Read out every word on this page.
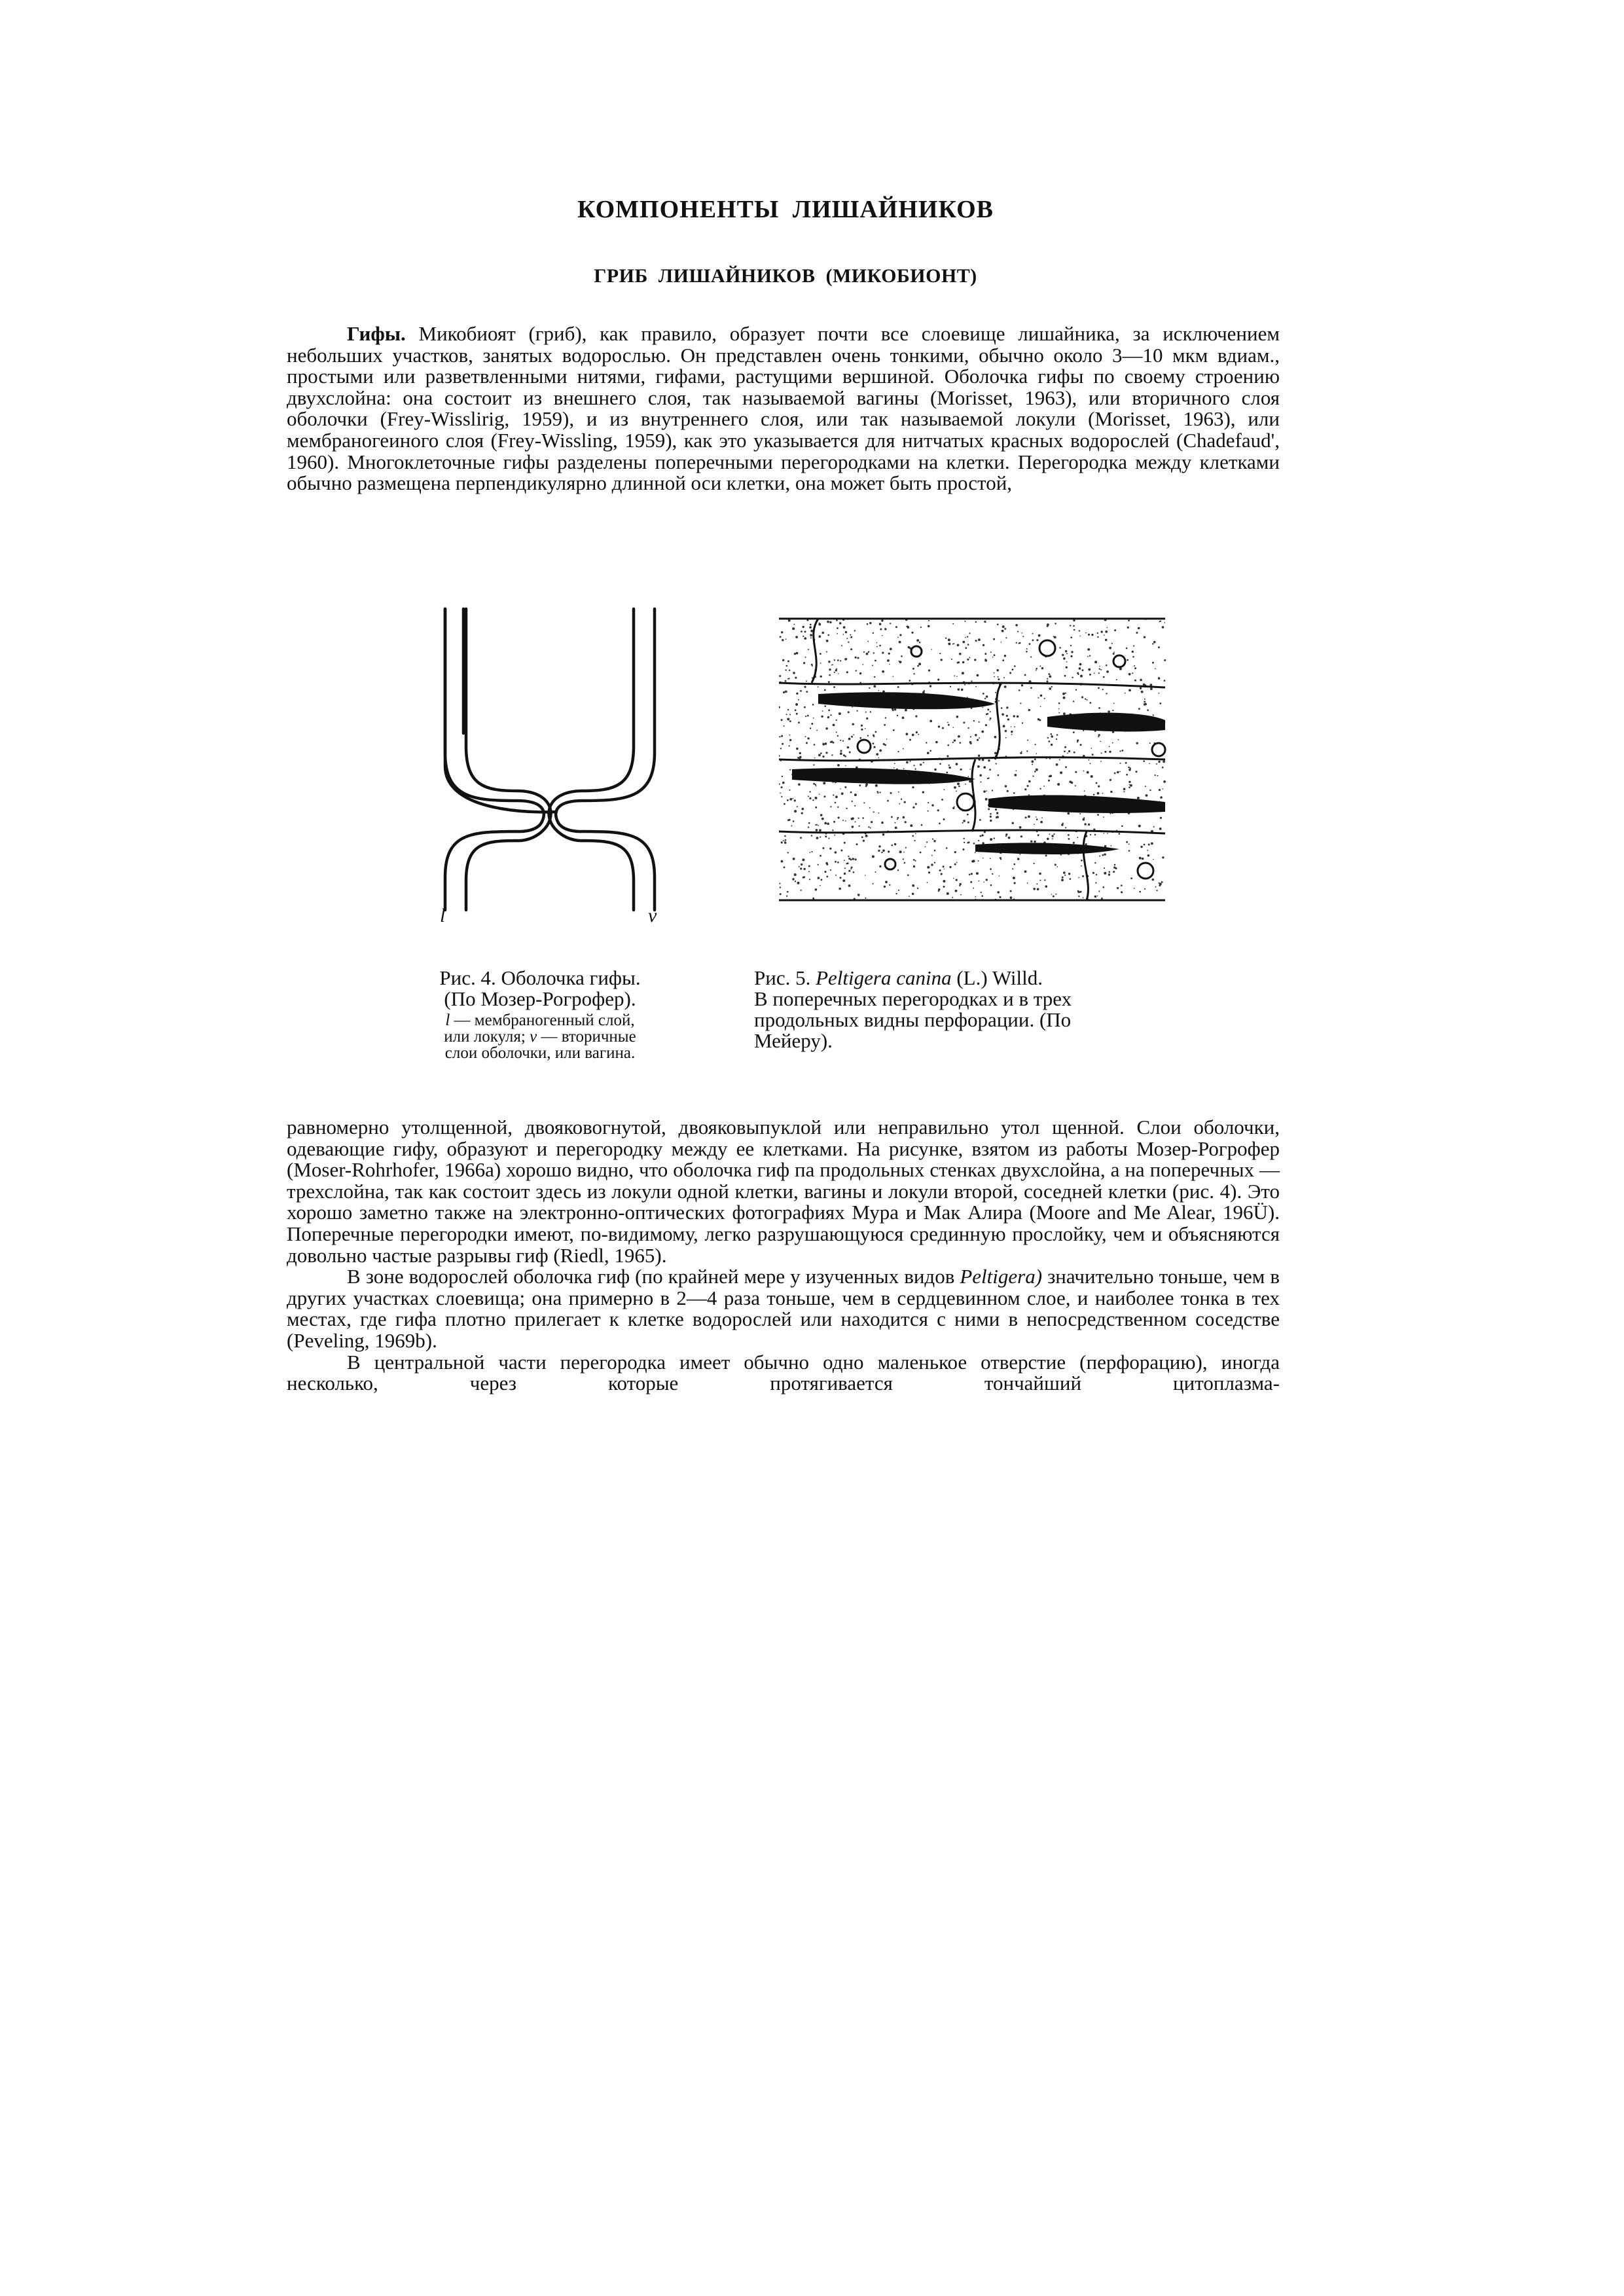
КОМПОНЕНТЫ ЛИШАЙНИКОВ
ГРИБ ЛИШАЙНИКОВ (МИКОБИОНТ)

Гифы. Микобиоят (гриб), как правило, образует почти все слоевище лишайника, за исключением небольших участков, занятых водорослью. Он представлен очень тонкими, обычно около 3—10 мкм вдиам., простыми или разветвленными нитями, гифами, растущими вершиной. Оболочка гифы по своему строению двухслойна: она состоит из внешнего слоя, так называемой вагины (Morisset, 1963), или вторичного слоя оболочки (Frey-Wisslirig, 1959), и из внутреннего слоя, или так называемой локули (Morisset, 1963), или мембраногеиного слоя (Frey-Wissling, 1959), как это указывается для нитчатых красных водорослей (Chadefaud', 1960). Многоклеточные гифы разделены поперечными перегородками на клетки. Перегородка между клетками обычно размещена перпендикулярно длинной оси клетки, она может быть простой,

l	v
Рис. 4. Оболочка гифы.
(По Мозер-Рогрофер).
l — мембраногенный слой,
или локуля; v — вторичные
слои оболочки, или вагина.
Рис. 5. Peltigera canina (L.) Willd.
В поперечных перегородках и в трех
продольных видны перфорации. (По
Мейеру).

равномерно утолщенной, двояковогнутой, двояковыпуклой или неправильно утол щенной. Слои оболочки, одевающие гифу, образуют и перегородку между ее клетками. На рисунке, взятом из работы Мозер-Рогрофер (Moser-Rohrhofer, 1966а) хорошо видно, что оболочка гиф па продольных стенках двухслойна, а на поперечных — трехслойна, так как состоит здесь из локули одной клетки, вагины и локули второй, соседней клетки (рис. 4). Это хорошо заметно также на электронно-оптических фотографиях Мура и Мак Алира (Moore and Me Alear, 196Ü). Поперечные перегородки имеют, по-видимому, легко разрушающуюся срединную прослойку, чем и объясняются довольно частые разрывы гиф (Riedl, 1965).

В зоне водорослей оболочка гиф (по крайней мере у изученных видов Peltigera) значительно тоньше, чем в других участках слоевища; она примерно в 2—4 раза тоньше, чем в сердцевинном слое, и наиболее тонка в тех местах, где гифа плотно прилегает к клетке водорослей или находится с ними в непосредственном соседстве (Peveling, 1969b).

В центральной части перегородка имеет обычно одно маленькое отверстие (перфорацию), иногда несколько, через которые протягивается тончайший цитоплазма-
